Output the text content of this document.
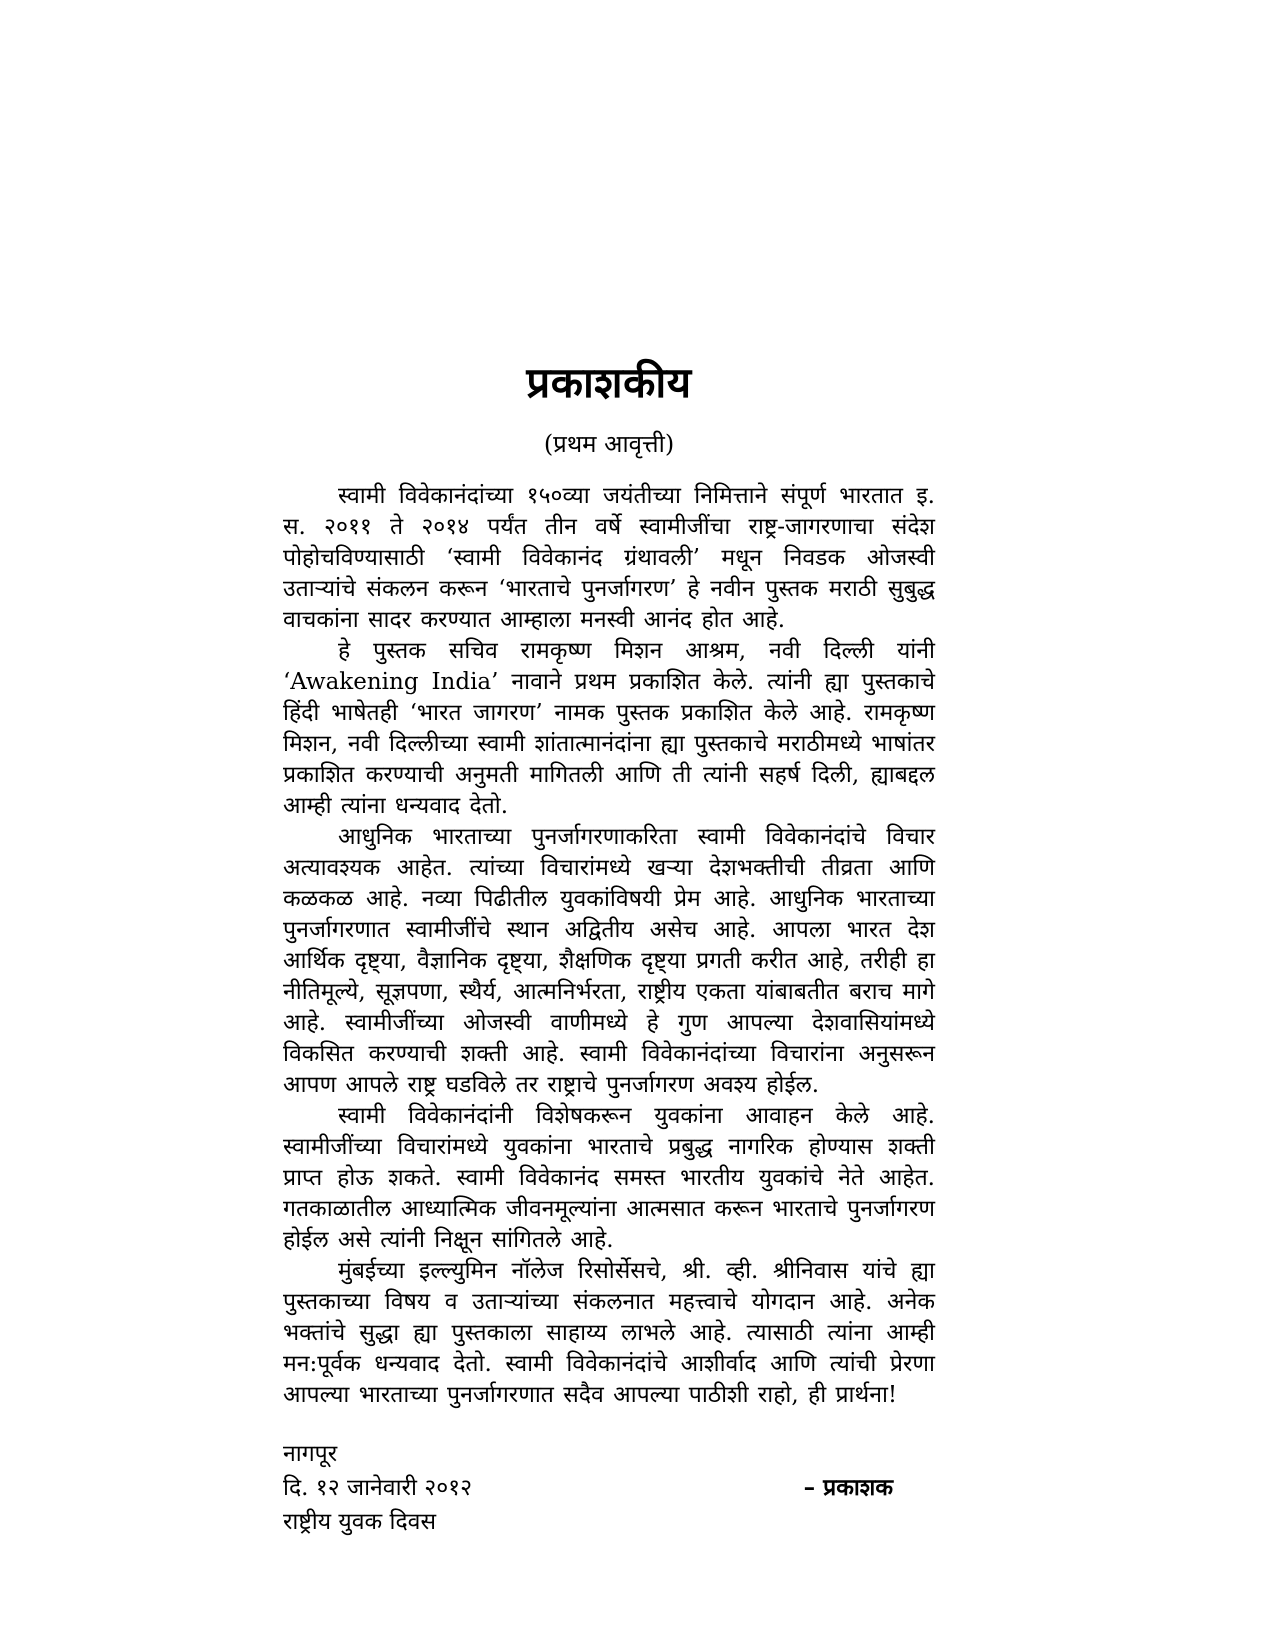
प्रकाशकीय
(प्रथम आवृत्ती)

स्वामी विवेकानंदांच्या १५०व्या जयंतीच्या निमित्ताने संपूर्ण भारतात इ. स. २०११ ते २०१४ पर्यंत तीन वर्षे स्वामीजींचा राष्ट्र-जागरणाचा संदेश पोहोचविण्यासाठी ‘स्वामी विवेकानंद ग्रंथावली’ मधून निवडक ओजस्वी उताऱ्यांचे संकलन करून ‘भारताचे पुनर्जागरण’ हे नवीन पुस्तक मराठी सुबुद्ध वाचकांना सादर करण्यात आम्हाला मनस्वी आनंद होत आहे.

हे पुस्तक सचिव रामकृष्ण मिशन आश्रम, नवी दिल्ली यांनी ‘Awakening India’ नावाने प्रथम प्रकाशित केले. त्यांनी ह्या पुस्तकाचे हिंदी भाषेतही ‘भारत जागरण’ नामक पुस्तक प्रकाशित केले आहे. रामकृष्ण मिशन, नवी दिल्लीच्या स्वामी शांतात्मानंदांना ह्या पुस्तकाचे मराठीमध्ये भाषांतर प्रकाशित करण्याची अनुमती मागितली आणि ती त्यांनी सहर्ष दिली, ह्याबद्दल आम्ही त्यांना धन्यवाद देतो.

आधुनिक भारताच्या पुनर्जागरणाकरिता स्वामी विवेकानंदांचे विचार अत्यावश्यक आहेत. त्यांच्या विचारांमध्ये खऱ्या देशभक्तीची तीव्रता आणि कळकळ आहे. नव्या पिढीतील युवकांविषयी प्रेम आहे. आधुनिक भारताच्या पुनर्जागरणात स्वामीजींचे स्थान अद्वितीय असेच आहे. आपला भारत देश आर्थिक दृष्ट्या, वैज्ञानिक दृष्ट्या, शैक्षणिक दृष्ट्या प्रगती करीत आहे, तरीही हा नीतिमूल्ये, सूज्ञपणा, स्थैर्य, आत्मनिर्भरता, राष्ट्रीय एकता यांबाबतीत बराच मागे आहे. स्वामीजींच्या ओजस्वी वाणीमध्ये हे गुण आपल्या देशवासियांमध्ये विकसित करण्याची शक्ती आहे. स्वामी विवेकानंदांच्या विचारांना अनुसरून आपण आपले राष्ट्र घडविले तर राष्ट्राचे पुनर्जागरण अवश्य होईल.

स्वामी विवेकानंदांनी विशेषकरून युवकांना आवाहन केले आहे. स्वामीजींच्या विचारांमध्ये युवकांना भारताचे प्रबुद्ध नागरिक होण्यास शक्ती प्राप्त होऊ शकते. स्वामी विवेकानंद समस्त भारतीय युवकांचे नेते आहेत. गतकाळातील आध्यात्मिक जीवनमूल्यांना आत्मसात करून भारताचे पुनर्जागरण होईल असे त्यांनी निक्षून सांगितले आहे.

मुंबईच्या इल्ल्युमिन नॉलेज रिसोर्सेसचे, श्री. व्ही. श्रीनिवास यांचे ह्या पुस्तकाच्या विषय व उताऱ्यांच्या संकलनात महत्त्वाचे योगदान आहे. अनेक भक्तांचे सुद्धा ह्या पुस्तकाला साहाय्य लाभले आहे. त्यासाठी त्यांना आम्ही मन:पूर्वक धन्यवाद देतो. स्वामी विवेकानंदांचे आशीर्वाद आणि त्यांची प्रेरणा आपल्या भारताच्या पुनर्जागरणात सदैव आपल्या पाठीशी राहो, ही प्रार्थना!

नागपूर
दि. १२ जानेवारी २०१२	– प्रकाशक
राष्ट्रीय युवक दिवस
